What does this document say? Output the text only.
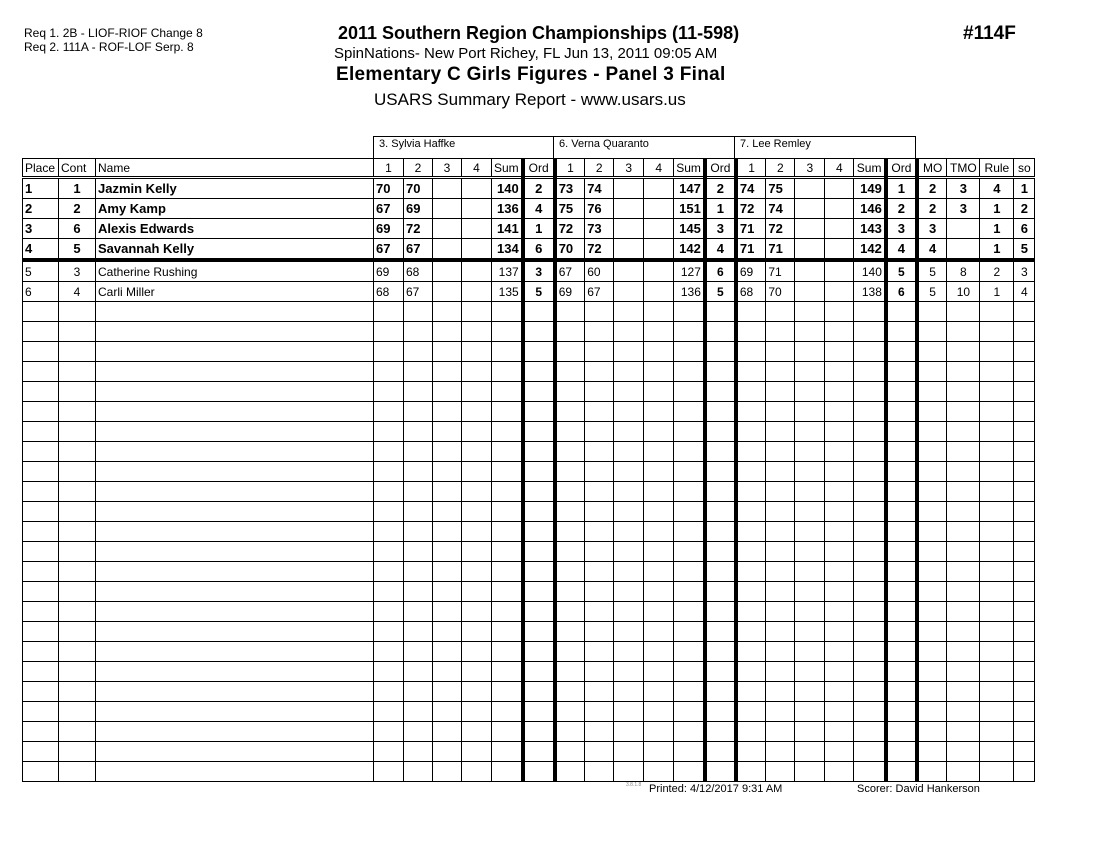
Req 1. 2B - LIOF-RIOF Change 8
Req 2. 111A - ROF-LOF Serp. 8
2011 Southern Region Championships (11-598)
SpinNations- New Port Richey, FL Jun 13, 2011 09:05 AM
Elementary C Girls Figures - Panel 3 Final
USARS Summary Report - www.usars.us
#114F
3. Sylvia Haffke	6. Verna Quaranto	7. Lee Remley
Place	Cont	Name	1	2	3	4	Sum	Ord	1	2	3	4	Sum	Ord	1	2	3	4	Sum	Ord	MO	TMO	Rule	so
1	1	Jazmin Kelly	70	70			140	2	73	74			147	2	74	75			149	1	2	3	4	1
2	2	Amy Kamp	67	69			136	4	75	76			151	1	72	74			146	2	2	3	1	2
3	6	Alexis Edwards	69	72			141	1	72	73			145	3	71	72			143	3	3		1	6
4	5	Savannah Kelly	67	67			134	6	70	72			142	4	71	71			142	4	4		1	5
5	3	Catherine Rushing	69	68			137	3	67	60			127	6	69	71			140	5	5	8	2	3
6	4	Carli Miller	68	67			135	5	69	67			136	5	68	70			138	6	5	10	1	4

3.8.1.8 Printed: 4/12/2017 9:31 AM	Scorer: David Hankerson
